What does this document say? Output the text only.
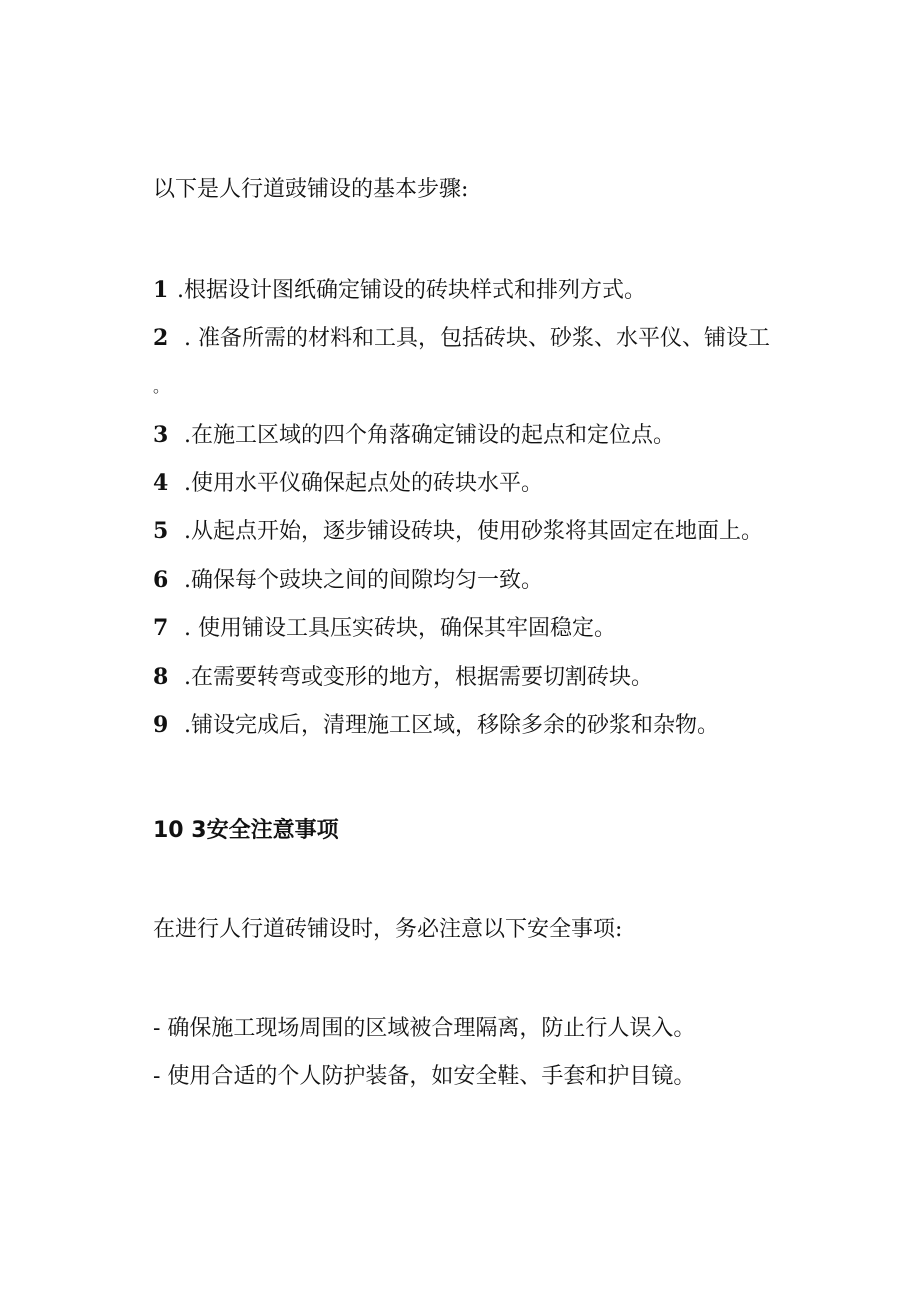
以下是人行道豉铺设的基本步骤:
1 .根据设计图纸确定铺设的砖块样式和排列方式。
2 . 准备所需的材料和工具，包括砖块、砂浆、水平仪、铺设工
。
3 .在施工区域的四个角落确定铺设的起点和定位点。
4 .使用水平仪确保起点处的砖块水平。
5 .从起点开始，逐步铺设砖块，使用砂浆将其固定在地面上。
6 .确保每个豉块之间的间隙均匀一致。
7 . 使用铺设工具压实砖块，确保其牢固稳定。
8 .在需要转弯或变形的地方，根据需要切割砖块。
9 .铺设完成后，清理施工区域，移除多余的砂浆和杂物。
10 3安全注意事项
在进行人行道砖铺设时，务必注意以下安全事项:
- 确保施工现场周围的区域被合理隔离，防止行人误入。
- 使用合适的个人防护装备，如安全鞋、手套和护目镜。
